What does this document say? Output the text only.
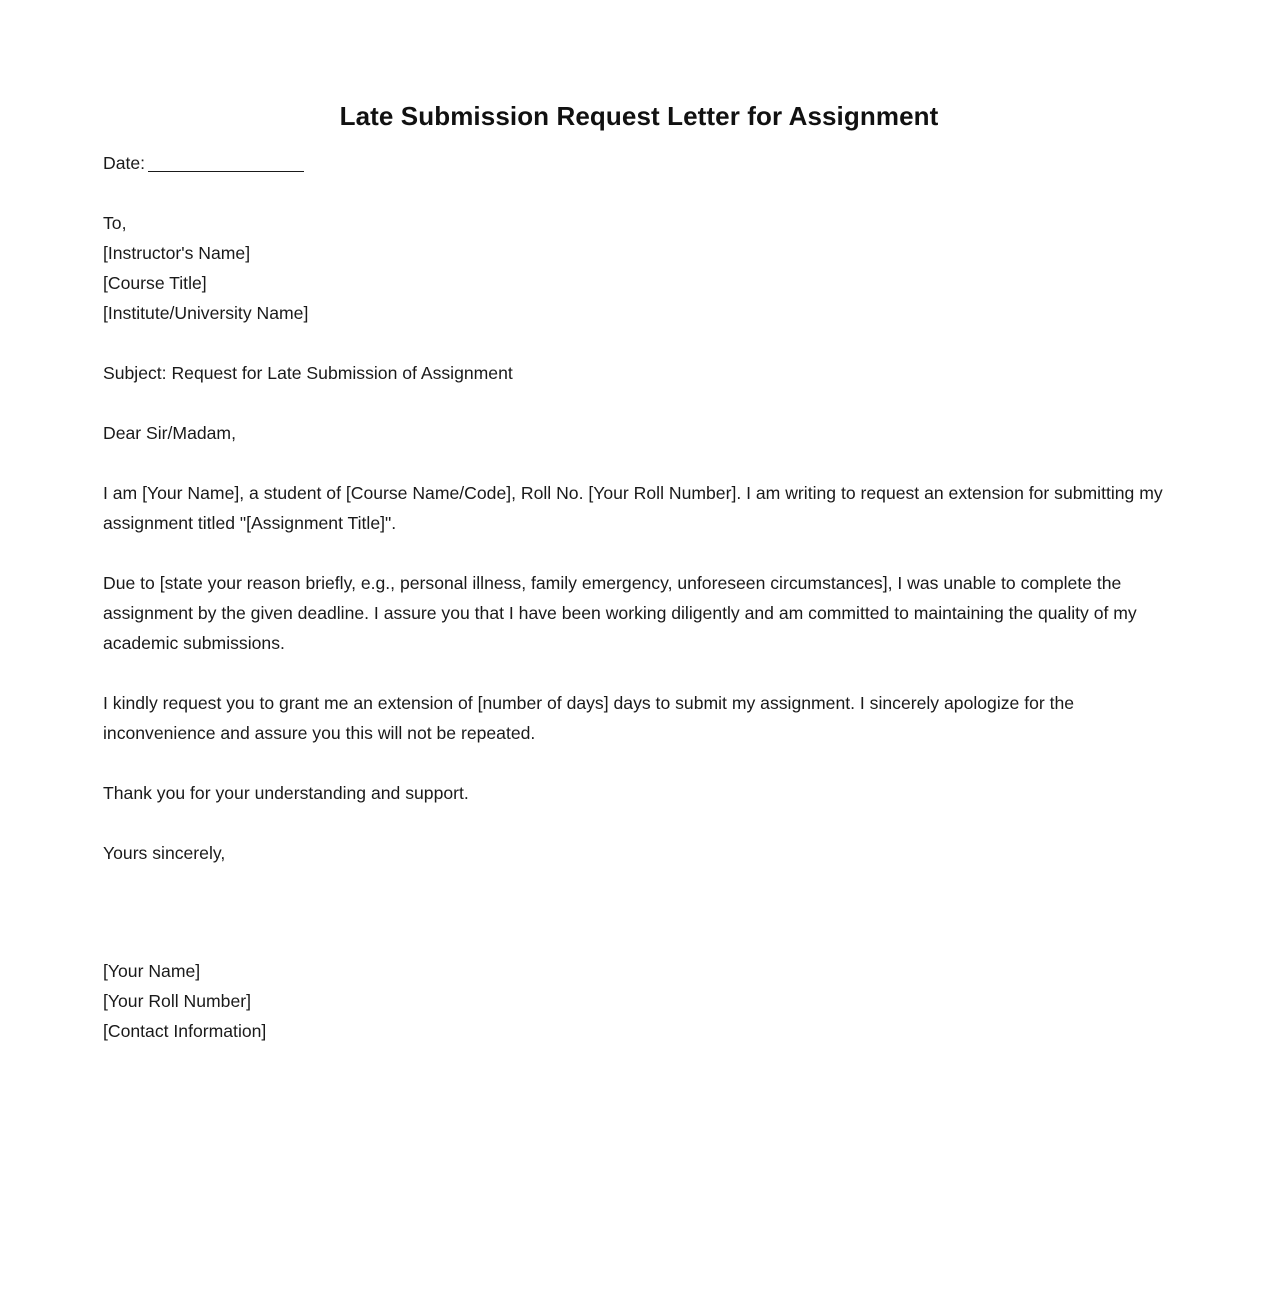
Late Submission Request Letter for Assignment
Date:
To,
[Instructor's Name]
[Course Title]
[Institute/University Name]

Subject: Request for Late Submission of Assignment

Dear Sir/Madam,

I am [Your Name], a student of [Course Name/Code], Roll No. [Your Roll Number]. I am writing to request an extension for submitting my assignment titled "[Assignment Title]".

Due to [state your reason briefly, e.g., personal illness, family emergency, unforeseen circumstances], I was unable to complete the assignment by the given deadline. I assure you that I have been working diligently and am committed to maintaining the quality of my academic submissions.

I kindly request you to grant me an extension of [number of days] days to submit my assignment. I sincerely apologize for the inconvenience and assure you this will not be repeated.

Thank you for your understanding and support.

Yours sincerely,

[Your Name]
[Your Roll Number]
[Contact Information]
